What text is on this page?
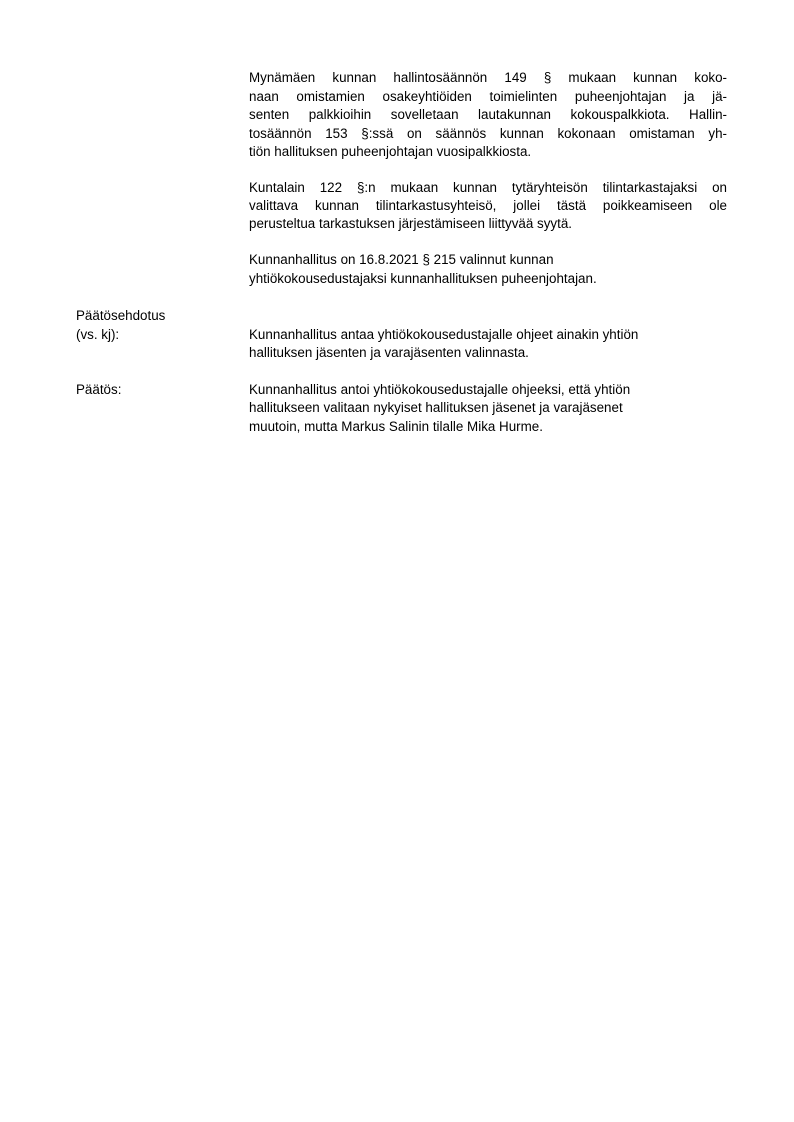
Mynämäen kunnan hallintosäännön 149 § mukaan kunnan koko-
naan omistamien osakeyhtiöiden toimielinten puheenjohtajan ja jä-
senten palkkioihin sovelletaan lautakunnan kokouspalkkiota. Hallin-
tosäännön 153 §:ssä on säännös kunnan kokonaan omistaman yh-
tiön hallituksen puheenjohtajan vuosipalkkiosta.
Kuntalain 122 §:n mukaan kunnan tytäryhteisön tilintarkastajaksi on
valittava kunnan tilintarkastusyhteisö, jollei tästä poikkeamiseen ole
perusteltua tarkastuksen järjestämiseen liittyvää syytä.
Kunnanhallitus on 16.8.2021 § 215 valinnut kunnan
yhtiökokousedustajaksi kunnanhallituksen puheenjohtajan.
Päätösehdotus
(vs. kj):	Kunnanhallitus antaa yhtiökokousedustajalle ohjeet ainakin yhtiön
hallituksen jäsenten ja varajäsenten valinnasta.
Päätös:	Kunnanhallitus antoi yhtiökokousedustajalle ohjeeksi, että yhtiön
hallitukseen valitaan nykyiset hallituksen jäsenet ja varajäsenet
muutoin, mutta Markus Salinin tilalle Mika Hurme.
